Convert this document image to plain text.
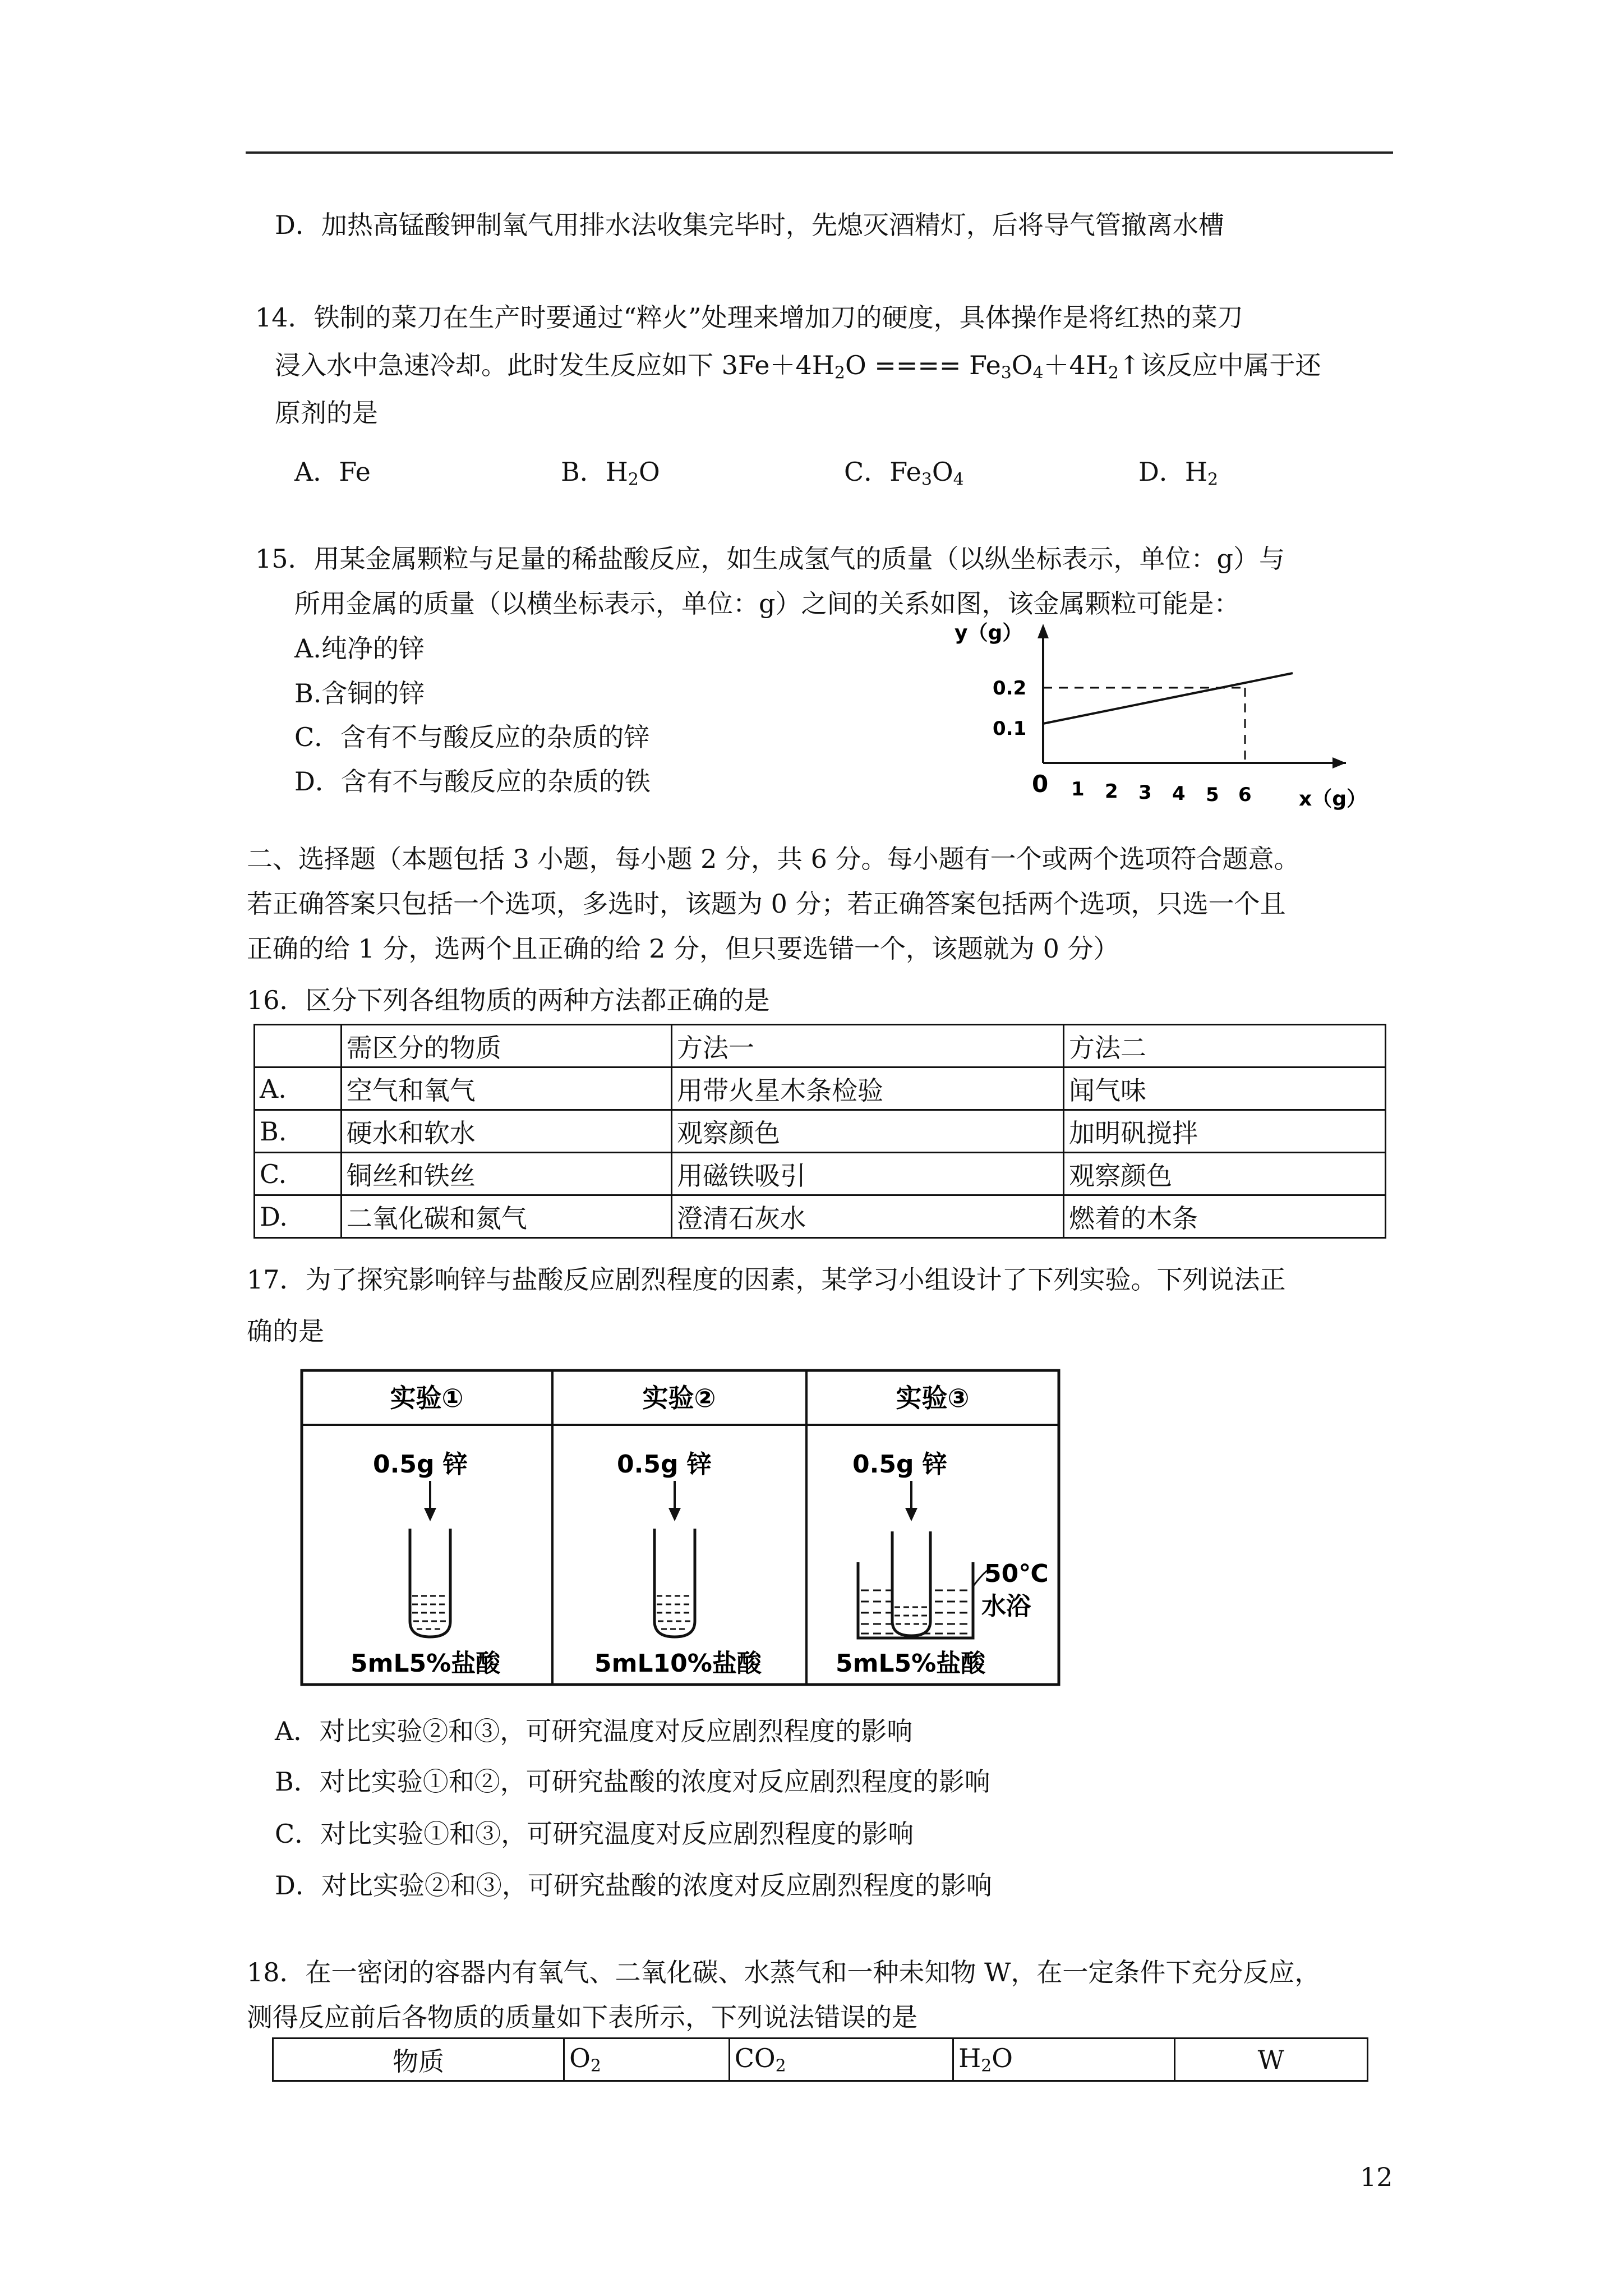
D．加热高锰酸钾制氧气用排水法收集完毕时，先熄灭酒精灯，后将导气管撤离水槽
14．铁制的菜刀在生产时要通过“粹火”处理来增加刀的硬度，具体操作是将红热的菜刀
浸入水中急速冷却。此时发生反应如下 $3Fe+4H_2O$ ==== $Fe_3O_4+4H_2↑$该反应中属于还
原剂的是
A．Fe	B．$H_2O$	C．$Fe_3O_4$	D．$H_2$
15．用某金属颗粒与足量的稀盐酸反应，如生成氢气的质量（以纵坐标表示，单位：g）与
所用金属的质量（以横坐标表示，单位：g）之间的关系如图，该金属颗粒可能是：
A.纯净的锌
B.含铜的锌
C．含有不与酸反应的杂质的锌
D．含有不与酸反应的杂质的铁
y（g）
0.2
0.1
0 1 2 3 4 5 6 x（g）
二、选择题（本题包括 3 小题，每小题 2 分，共 6 分。每小题有一个或两个选项符合题意。
若正确答案只包括一个选项，多选时，该题为 0 分；若正确答案包括两个选项，只选一个且
正确的给 1 分，选两个且正确的给 2 分，但只要选错一个，该题就为 0 分）
16．区分下列各组物质的两种方法都正确的是
	需区分的物质	方法一	方法二
A.	空气和氧气	用带火星木条检验	闻气味
B.	硬水和软水	观察颜色	加明矾搅拌
C.	铜丝和铁丝	用磁铁吸引	观察颜色
D.	二氧化碳和氮气	澄清石灰水	燃着的木条
17．为了探究影响锌与盐酸反应剧烈程度的因素，某学习小组设计了下列实验。下列说法正
确的是
实验①	实验②	实验③
0.5g 锌
5mL5%盐酸
0.5g 锌
5mL10%盐酸
0.5g 锌
50℃
水浴
5mL5%盐酸
A．对比实验②和③，可研究温度对反应剧烈程度的影响
B．对比实验①和②，可研究盐酸的浓度对反应剧烈程度的影响
C．对比实验①和③，可研究温度对反应剧烈程度的影响
D．对比实验②和③，可研究盐酸的浓度对反应剧烈程度的影响
18．在一密闭的容器内有氧气、二氧化碳、水蒸气和一种未知物 W，在一定条件下充分反应，
测得反应前后各物质的质量如下表所示，下列说法错误的是
物质	$O_2$	$CO_2$	$H_2O$	W
12
